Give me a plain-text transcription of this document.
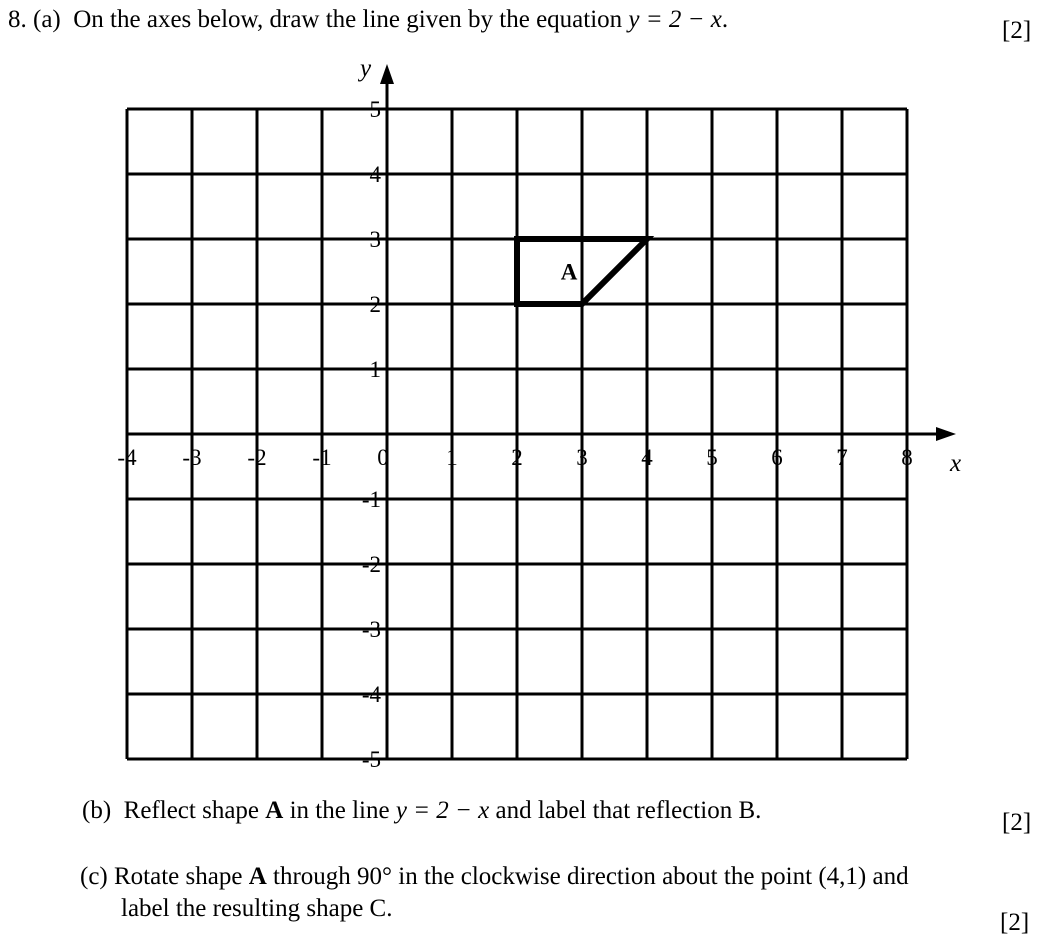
8. (a) On the axes below, draw the line given by the equation y = 2 − x.	[2]
x
y
-4 -3 -2 -1 0	1 2 3 4 5 6 7 8
5
4
3
2
1
-1
-2
-3
-4
-5
A
(b) Reflect shape A in the line y = 2 − x and label that reflection B.	[2]
(c) Rotate shape A through 90° in the clockwise direction about the point (4,1) and
label the resulting shape C.
[2]
